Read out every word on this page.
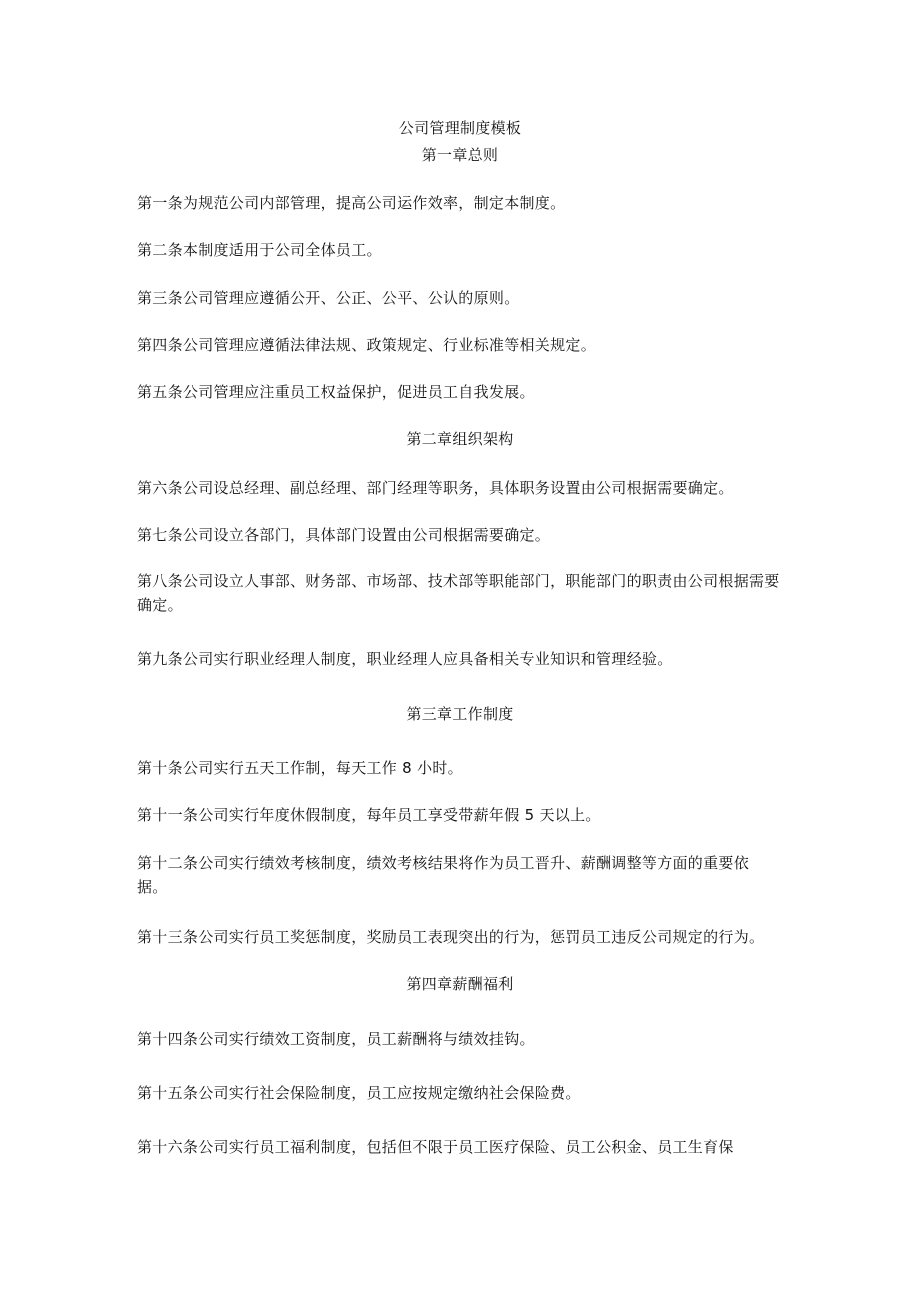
公司管理制度模板
第一章总则
第一条为规范公司内部管理，提高公司运作效率，制定本制度。
第二条本制度适用于公司全体员工。
第三条公司管理应遵循公开、公正、公平、公认的原则。
第四条公司管理应遵循法律法规、政策规定、行业标准等相关规定。
第五条公司管理应注重员工权益保护，促进员工自我发展。
第二章组织架构
第六条公司设总经理、副总经理、部门经理等职务，具体职务设置由公司根据需要确定。
第七条公司设立各部门，具体部门设置由公司根据需要确定。
第八条公司设立人事部、财务部、市场部、技术部等职能部门，职能部门的职责由公司根据需要
确定。
第九条公司实行职业经理人制度，职业经理人应具备相关专业知识和管理经验。
第三章工作制度
第十条公司实行五天工作制，每天工作 8 小时。
第十一条公司实行年度休假制度，每年员工享受带薪年假 5 天以上。
第十二条公司实行绩效考核制度，绩效考核结果将作为员工晋升、薪酬调整等方面的重要依
据。
第十三条公司实行员工奖惩制度，奖励员工表现突出的行为，惩罚员工违反公司规定的行为。
第四章薪酬福利
第十四条公司实行绩效工资制度，员工薪酬将与绩效挂钩。
第十五条公司实行社会保险制度，员工应按规定缴纳社会保险费。
第十六条公司实行员工福利制度，包括但不限于员工医疗保险、员工公积金、员工生育保
